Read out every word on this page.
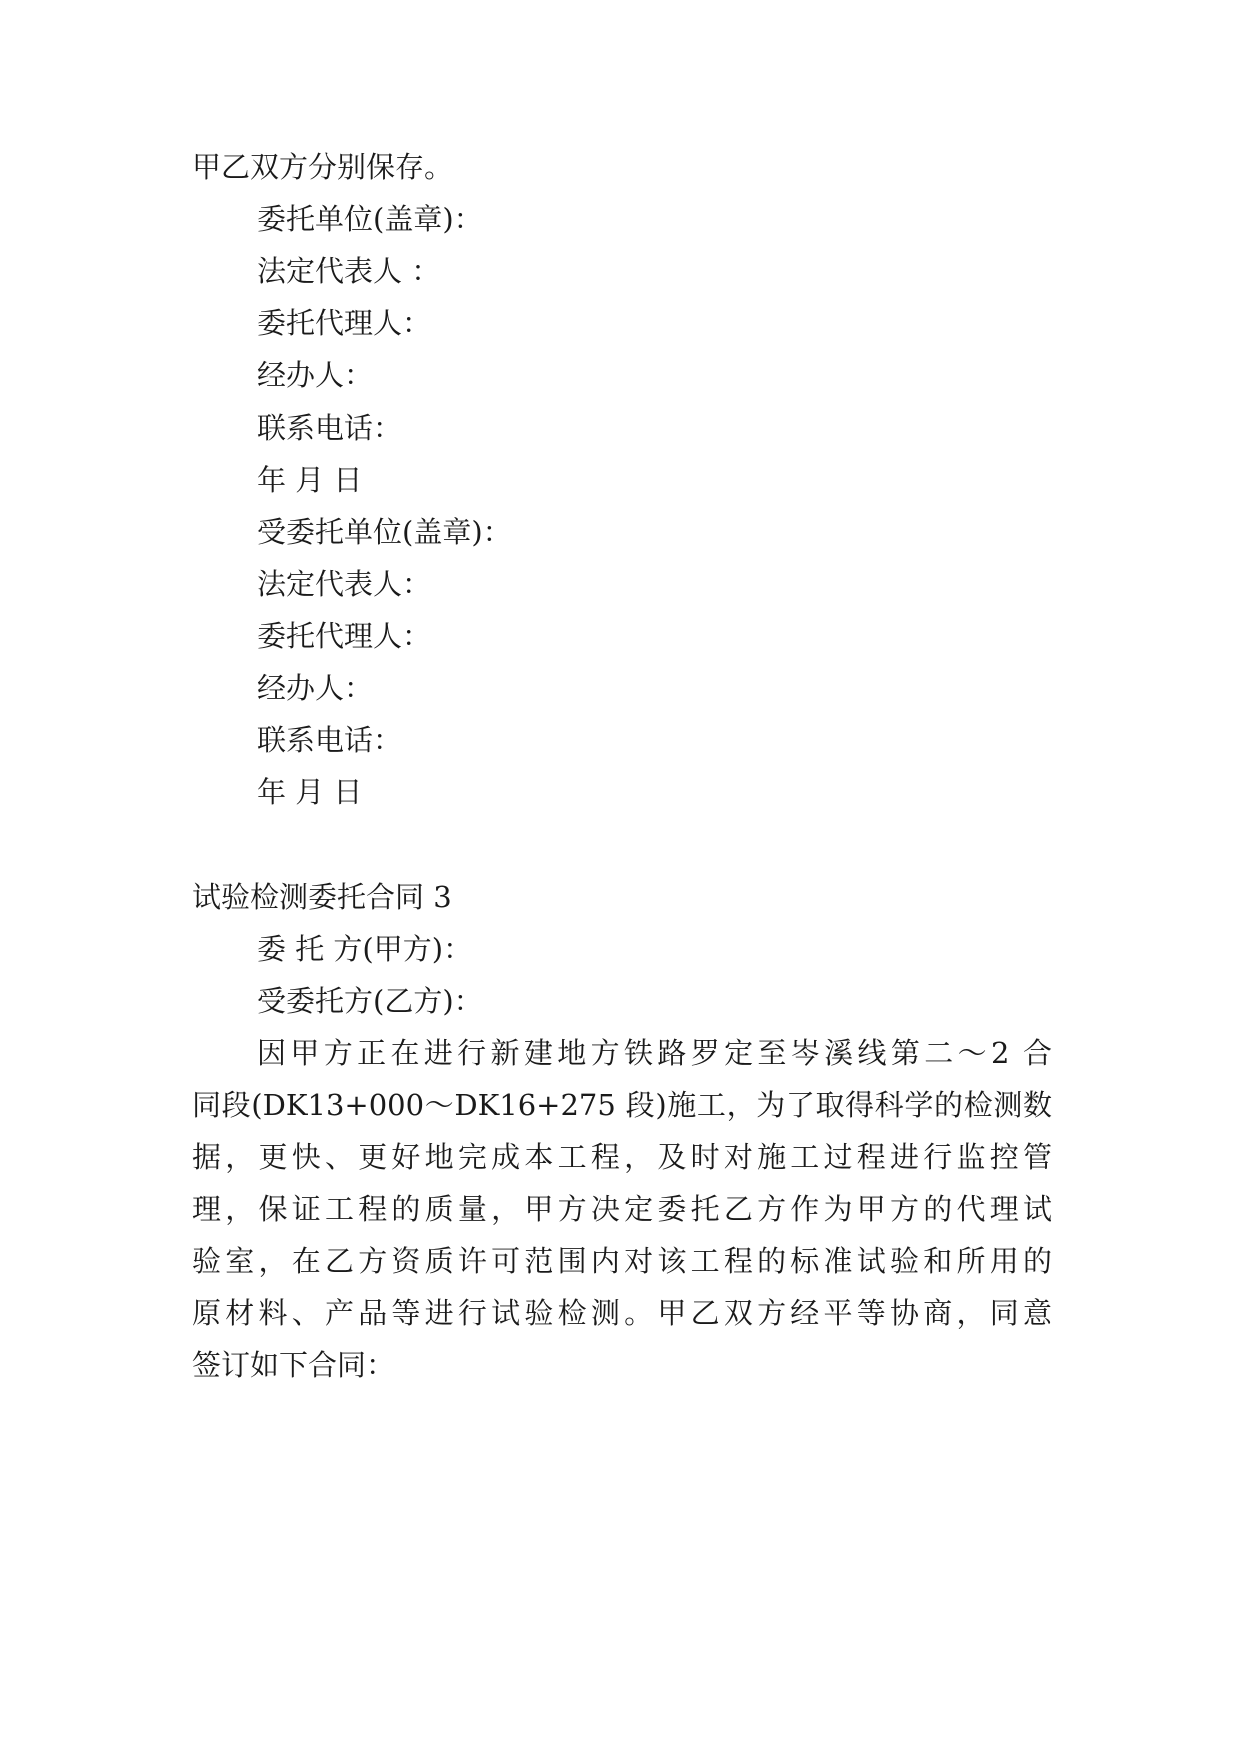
甲乙双方分别保存。
委托单位(盖章)：
法定代表人 ：
委托代理人：
经办人：
联系电话：
年 月 日
受委托单位(盖章)：
法定代表人：
委托代理人：
经办人：
联系电话：
年 月 日
试验检测委托合同 3
委 托 方(甲方)：
受委托方(乙方)：
因甲方正在进行新建地方铁路罗定至岑溪线第二～2 合
同段(DK13+000～DK16+275 段)施工，为了取得科学的检测数
据，更快、更好地完成本工程，及时对施工过程进行监控管
理，保证工程的质量，甲方决定委托乙方作为甲方的代理试
验室，在乙方资质许可范围内对该工程的标准试验和所用的
原材料、产品等进行试验检测。甲乙双方经平等协商，同意
签订如下合同：
